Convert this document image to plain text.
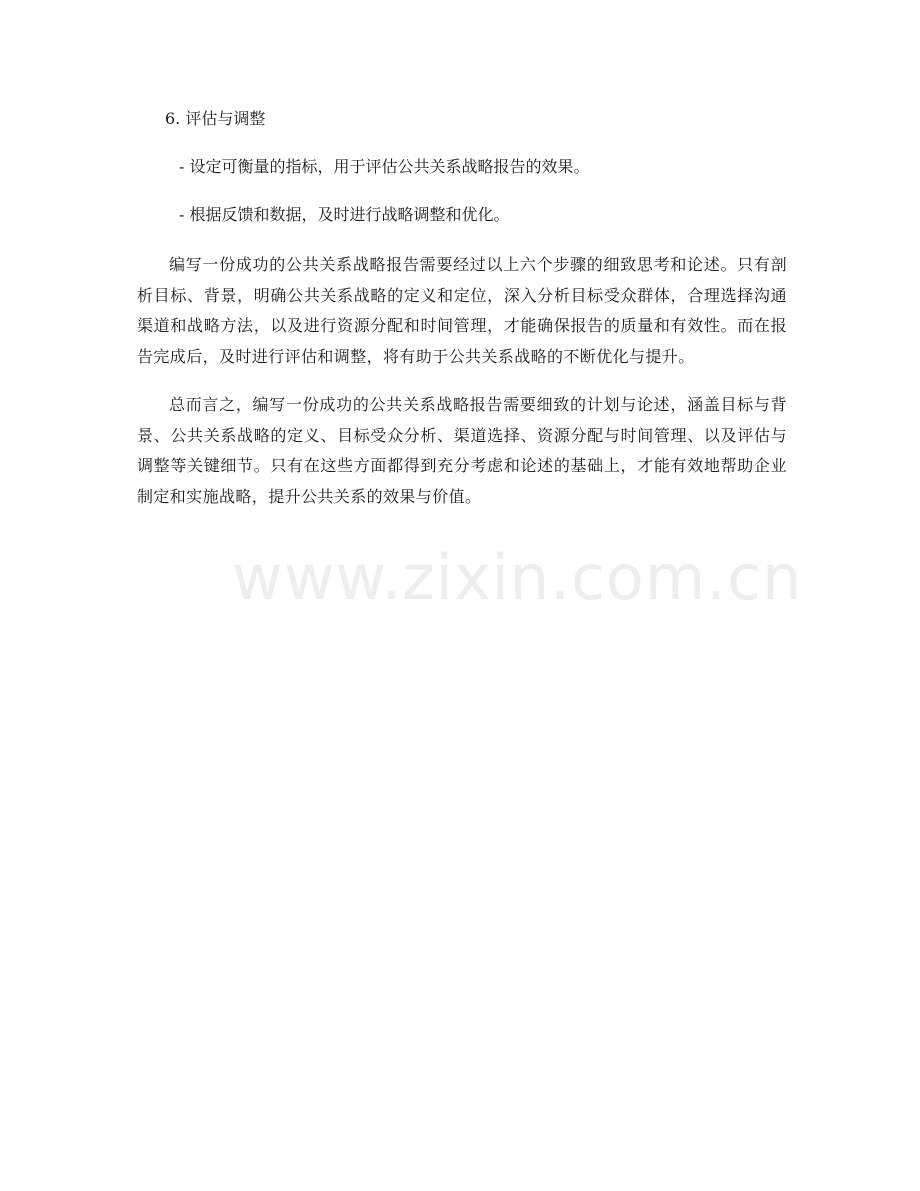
6. 评估与调整
- 设定可衡量的指标，用于评估公共关系战略报告的效果。
- 根据反馈和数据，及时进行战略调整和优化。

编写一份成功的公共关系战略报告需要经过以上六个步骤的细致思考和论述。只有剖析目标、背景，明确公共关系战略的定义和定位，深入分析目标受众群体，合理选择沟通渠道和战略方法，以及进行资源分配和时间管理，才能确保报告的质量和有效性。而在报告完成后，及时进行评估和调整，将有助于公共关系战略的不断优化与提升。

总而言之，编写一份成功的公共关系战略报告需要细致的计划与论述，涵盖目标与背景、公共关系战略的定义、目标受众分析、渠道选择、资源分配与时间管理、以及评估与调整等关键细节。只有在这些方面都得到充分考虑和论述的基础上，才能有效地帮助企业制定和实施战略，提升公共关系的效果与价值。

www.zixin.com.cn
